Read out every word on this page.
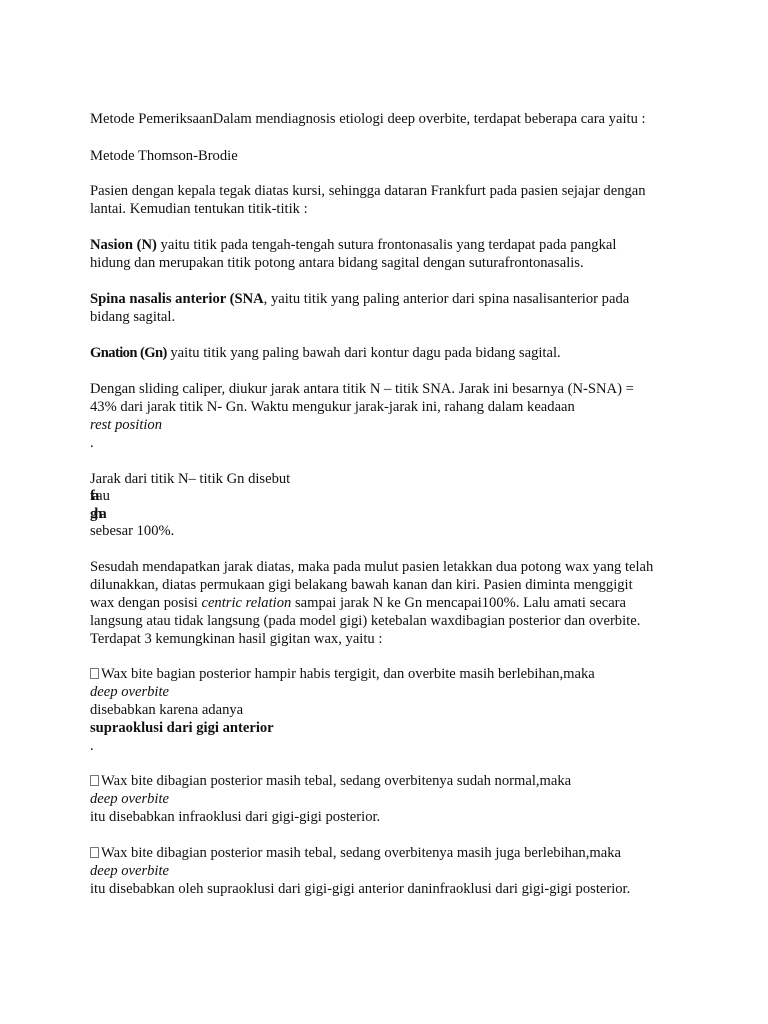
Metode PemeriksaanDalam mendiagnosis etiologi deep overbite, terdapat beberapa cara yaitu :

Metode Thomson-Brodie

Pasien dengan kepala tegak diatas kursi, sehingga dataran Frankfurt pada pasien sejajar dengan

lantai. Kemudian tentukan titik-titik :

Nasion (N) yaitu titik pada tengah-tengah sutura frontonasalis yang terdapat pada pangkal

hidung dan merupakan titik potong antara bidang sagital dengan suturafrontonasalis.

Spina nasalis anterior (SNA, yaitu titik yang paling anterior dari spina nasalisanterior pada

bidang sagital.

Gnation (Gn) yaitu titik yang paling bawah dari kontur dagu pada bidang sagital.

Dengan sliding caliper, diukur jarak antara titik N – titik SNA. Jarak ini besarnya (N-SNA) =

43% dari jarak titik N- Gn. Waktu mengukur jarak-jarak ini, rahang dalam keadaan

rest position

.

Jarak dari titik N– titik Gn disebut

faau
gha

sebesar 100%.

Sesudah mendapatkan jarak diatas, maka pada mulut pasien letakkan dua potong wax yang telah

dilunakkan, diatas permukaan gigi belakang bawah kanan dan kiri. Pasien diminta menggigit

wax dengan posisi centric relation sampai jarak N ke Gn mencapai100%. Lalu amati secara

langsung atau tidak langsung (pada model gigi) ketebalan waxdibagian posterior dan overbite.

Terdapat 3 kemungkinan hasil gigitan wax, yaitu :

Wax bite bagian posterior hampir habis tergigit, dan overbite masih berlebihan,maka

deep overbite

disebabkan karena adanya

supraoklusi dari gigi anterior

.

Wax bite dibagian posterior masih tebal, sedang overbitenya sudah normal,maka

deep overbite

itu disebabkan infraoklusi dari gigi-gigi posterior.

Wax bite dibagian posterior masih tebal, sedang overbitenya masih juga berlebihan,maka

deep overbite

itu disebabkan oleh supraoklusi dari gigi-gigi anterior daninfraoklusi dari gigi-gigi posterior.
